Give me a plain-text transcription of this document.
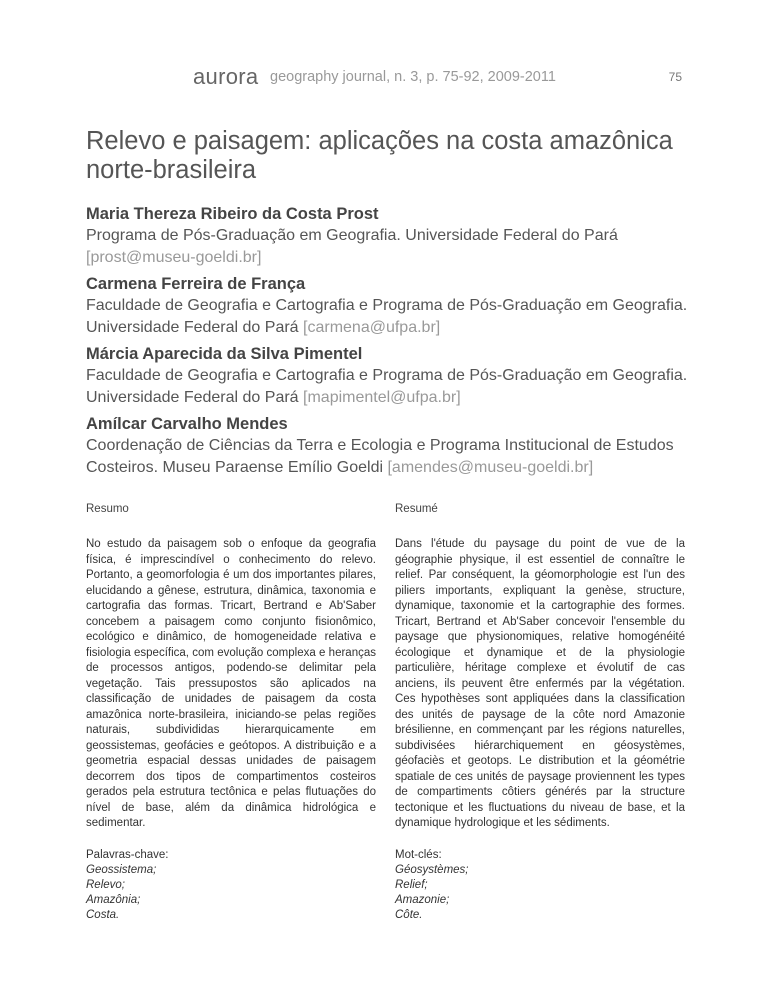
aurora geography journal, n. 3, p. 75-92, 2009-2011	75
Relevo e paisagem: aplicações na costa amazônica norte-brasileira
Maria Thereza Ribeiro da Costa Prost
Programa de Pós-Graduação em Geografia. Universidade Federal do Pará
[prost@museu-goeldi.br]
Carmena Ferreira de França
Faculdade de Geografia e Cartografia e Programa de Pós-Graduação em Geografia. Universidade Federal do Pará [carmena@ufpa.br]
Márcia Aparecida da Silva Pimentel
Faculdade de Geografia e Cartografia e Programa de Pós-Graduação em Geografia. Universidade Federal do Pará [mapimentel@ufpa.br]
Amílcar Carvalho Mendes
Coordenação de Ciências da Terra e Ecologia e Programa Institucional de Estudos Costeiros. Museu Paraense Emílio Goeldi [amendes@museu-goeldi.br]

Resumo

No estudo da paisagem sob o enfoque da geografia física, é imprescindível o conhecimento do relevo. Portanto, a geomorfologia é um dos importantes pilares, elucidando a gênese, estrutura, dinâmica, taxonomia e cartografia das formas. Tricart, Bertrand e Ab'Saber concebem a paisagem como conjunto fisionômico, ecológico e dinâmico, de homogeneidade relativa e fisiologia específica, com evolução complexa e heranças de processos antigos, podendo-se delimitar pela vegetação. Tais pressupostos são aplicados na classificação de unidades de paisagem da costa amazônica norte-brasileira, iniciando-se pelas regiões naturais, subdivididas hierarquicamente em geossistemas, geofácies e geótopos. A distribuição e a geometria espacial dessas unidades de paisagem decorrem dos tipos de compartimentos costeiros gerados pela estrutura tectônica e pelas flutuações do nível de base, além da dinâmica hidrológica e sedimentar.

Resumé

Dans l'étude du paysage du point de vue de la géographie physique, il est essentiel de connaître le relief. Par conséquent, la géomorphologie est l'un des piliers importants, expliquant la genèse, structure, dynamique, taxonomie et la cartographie des formes. Tricart, Bertrand et Ab'Saber concevoir l'ensemble du paysage que physionomiques, relative homogénéité écologique et dynamique et de la physiologie particulière, héritage complexe et évolutif de cas anciens, ils peuvent être enfermés par la végétation. Ces hypothèses sont appliquées dans la classification des unités de paysage de la côte nord Amazonie brésilienne, en commençant par les régions naturelles, subdivisées hiérarchiquement en géosystèmes, géofaciès et geotops. Le distribution et la géométrie spatiale de ces unités de paysage proviennent les types de compartiments côtiers générés par la structure tectonique et les fluctuations du niveau de base, et la dynamique hydrologique et les sédiments.

Palavras-chave:

Geossistema;
Relevo;
Amazônia;
Costa.

Mot-clés:

Géosystèmes;
Relief;
Amazonie;
Côte.
